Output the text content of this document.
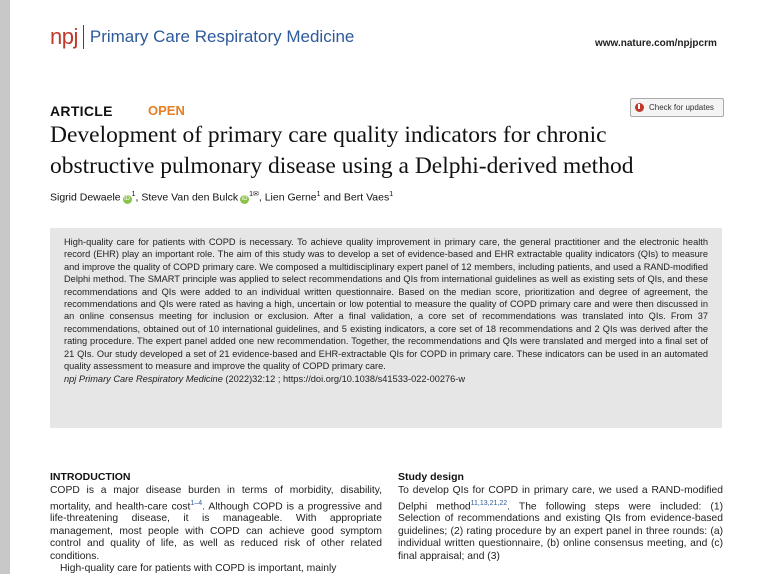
npj Primary Care Respiratory Medicine	www.nature.com/npjpcrm
ARTICLE	OPEN	Check for updates
Development of primary care quality indicators for chronic
obstructive pulmonary disease using a Delphi-derived method
Sigrid Dewaele $iD^1$, Steve Van den Bulck $iD^{1✉}$, Lien Gerne$^1$ and Bert Vaes$^1$

High-quality care for patients with COPD is necessary. To achieve quality improvement in primary care, the general practitioner and the electronic health record (EHR) play an important role. The aim of this study was to develop a set of evidence-based and EHR extractable quality indicators (QIs) to measure and improve the quality of COPD primary care. We composed a multidisciplinary expert panel of 12 members, including patients, and used a RAND-modified Delphi method. The SMART principle was applied to select recommendations and QIs from international guidelines as well as existing sets of QIs, and these recommendations and QIs were added to an individual written questionnaire. Based on the median score, prioritization and degree of agreement, the recommendations and QIs were rated as having a high, uncertain or low potential to measure the quality of COPD primary care and were then discussed in an online consensus meeting for inclusion or exclusion. After a final validation, a core set of recommendations was translated into QIs. From 37 recommendations, obtained out of 10 international guidelines, and 5 existing indicators, a core set of 18 recommendations and 2 QIs was derived after the rating procedure. The expert panel added one new recommendation. Together, the recommendations and QIs were translated and merged into a final set of 21 QIs. Our study developed a set of 21 evidence-based and EHR-extractable QIs for COPD in primary care. These indicators can be used in an automated quality assessment to measure and improve the quality of COPD primary care.

npj Primary Care Respiratory Medicine (2022)32:12 ; https://doi.org/10.1038/s41533-022-00276-w
INTRODUCTION

COPD is a major disease burden in terms of morbidity, disability, mortality, and health-care cost$^{1-4}$. Although COPD is a progressive and life-threatening disease, it is manageable. With appropriate management, most people with COPD can achieve good symptom control and quality of life, as well as reduced risk of other related conditions.

High-quality care for patients with COPD is important, mainly

Study design

To develop QIs for COPD in primary care, we used a RAND-modified Delphi method$^{11,13,21,22}$. The following steps were included: (1) Selection of recommendations and existing QIs from evidence-based guidelines; (2) rating procedure by an expert panel in three rounds: (a) individual written questionnaire, (b) online consensus meeting, and (c) final appraisal; and (3)
